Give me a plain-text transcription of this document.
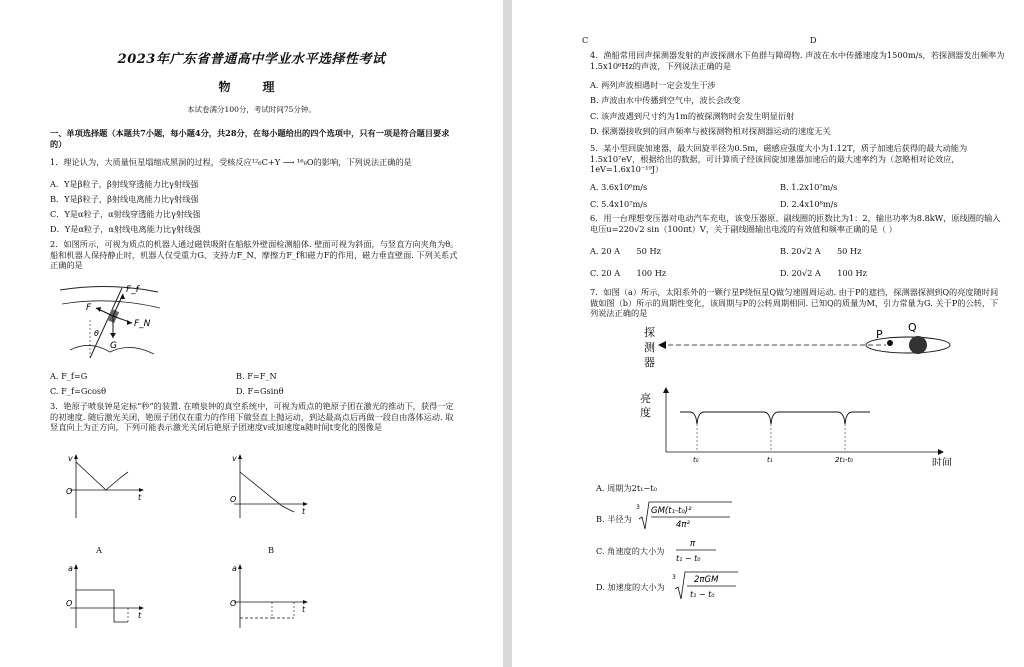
2023年广东省普通高中学业水平选择性考试
物　理
本试卷满分100分，考试时间75分钟。
一、单项选择题（本题共7小题，每小题4分，共28分，在每小题给出的四个选项中，只有一项是符合题目要求的）
1．理论认为，大质量恒星塌缩成黑洞的过程，受核反应¹²₆C+Y ⟶ ¹⁶₈O的影响，下列说法正确的是
A．Y是β粒子，β射线穿透能力比γ射线强
B．Y是β粒子，β射线电离能力比γ射线强
C．Y是α粒子，α射线穿透能力比γ射线强
D．Y是α粒子，α射线电离能力比γ射线强
2．如图所示，可视为质点的机器人通过磁铁吸附在船舷外壁面检测船体. 壁面可视为斜面，与竖直方向夹角为θ。船和机器人保持静止时，机器人仅受重力G、支持力F_N、摩擦力F_f和磁力F的作用，磁力垂直壁面. 下列关系式正确的是
F_f
F
F_N
θ
G
A. F_f=G	B. F=F_N
C. F_f=Gcosθ	D. F=Gsinθ
3．铯原子喷泉钟是定标“秒”的装置. 在喷泉钟的真空系统中，可视为质点的铯原子团在激光的推动下，获得一定的初速度. 随后激光关闭，铯原子团仅在重力的作用下做竖直上抛运动，到达最高点后再做一段自由落体运动. 取竖直向上为正方向，下列可能表示激光关闭后铯原子团速度v或加速度a随时间t变化的图像是
v
O
t
A
v
O
t
B
a
O
t
a
O
t
C	D
4．渔船常用回声探测器发射的声波探测水下鱼群与障碍物. 声波在水中传播速度为1500m/s，若探测器发出频率为1.5x10⁶Hz的声波，下列说法正确的是
A. 两列声波相遇时一定会发生干涉
B. 声波由水中传播到空气中，波长会改变
C. 该声波遇到尺寸约为1m的被探测物时会发生明显衍射
D. 探测器接收到的回声频率与被探测物相对探测器运动的速度无关
5．某小型回旋加速器，最大回旋半径为0.5m，磁感应强度大小为1.12T，质子加速后获得的最大动能为1.5x10⁷eV，根据给出的数据，可计算质子经该回旋加速器加速后的最大速率约为（忽略相对论效应，1eV=1.6x10⁻¹⁹J）
A. 3.6x10⁶m/s	B. 1.2x10⁷m/s
C. 5.4x10⁷m/s	D. 2.4x10⁸m/s
6．用一台理想变压器对电动汽车充电，该变压器原、副线圈的匝数比为1：2，输出功率为8.8kW，原线圈的输入电压u=220√2 sin（100πt）V，关于副线圈输出电流的有效值和频率正确的是（ ）
A. 20 A　　50 Hz	B. 20√2 A　　50 Hz
C. 20 A　　100 Hz	D. 20√2 A　　100 Hz
7．如图（a）所示，太阳系外的一颗行星P绕恒星Q做匀速圆周运动. 由于P的遮挡，探测器探测到Q的亮度随时间做如图（b）所示的周期性变化，该周期与P的公转周期相同. 已知Q的质量为M，引力常量为G. 关于P的公转，下列说法正确的是
探
测
器
P
Q
亮
度
t₀	t₁	2t₁-t₀	时间
A. 周期为2t₁−t₀
B. 半径为
3 GM(t₁-t₀)²
4π²
C. 角速度的大小为
π
t₁ − t₀
D. 加速度的大小为
3 2πGM
t₁ − t₀
